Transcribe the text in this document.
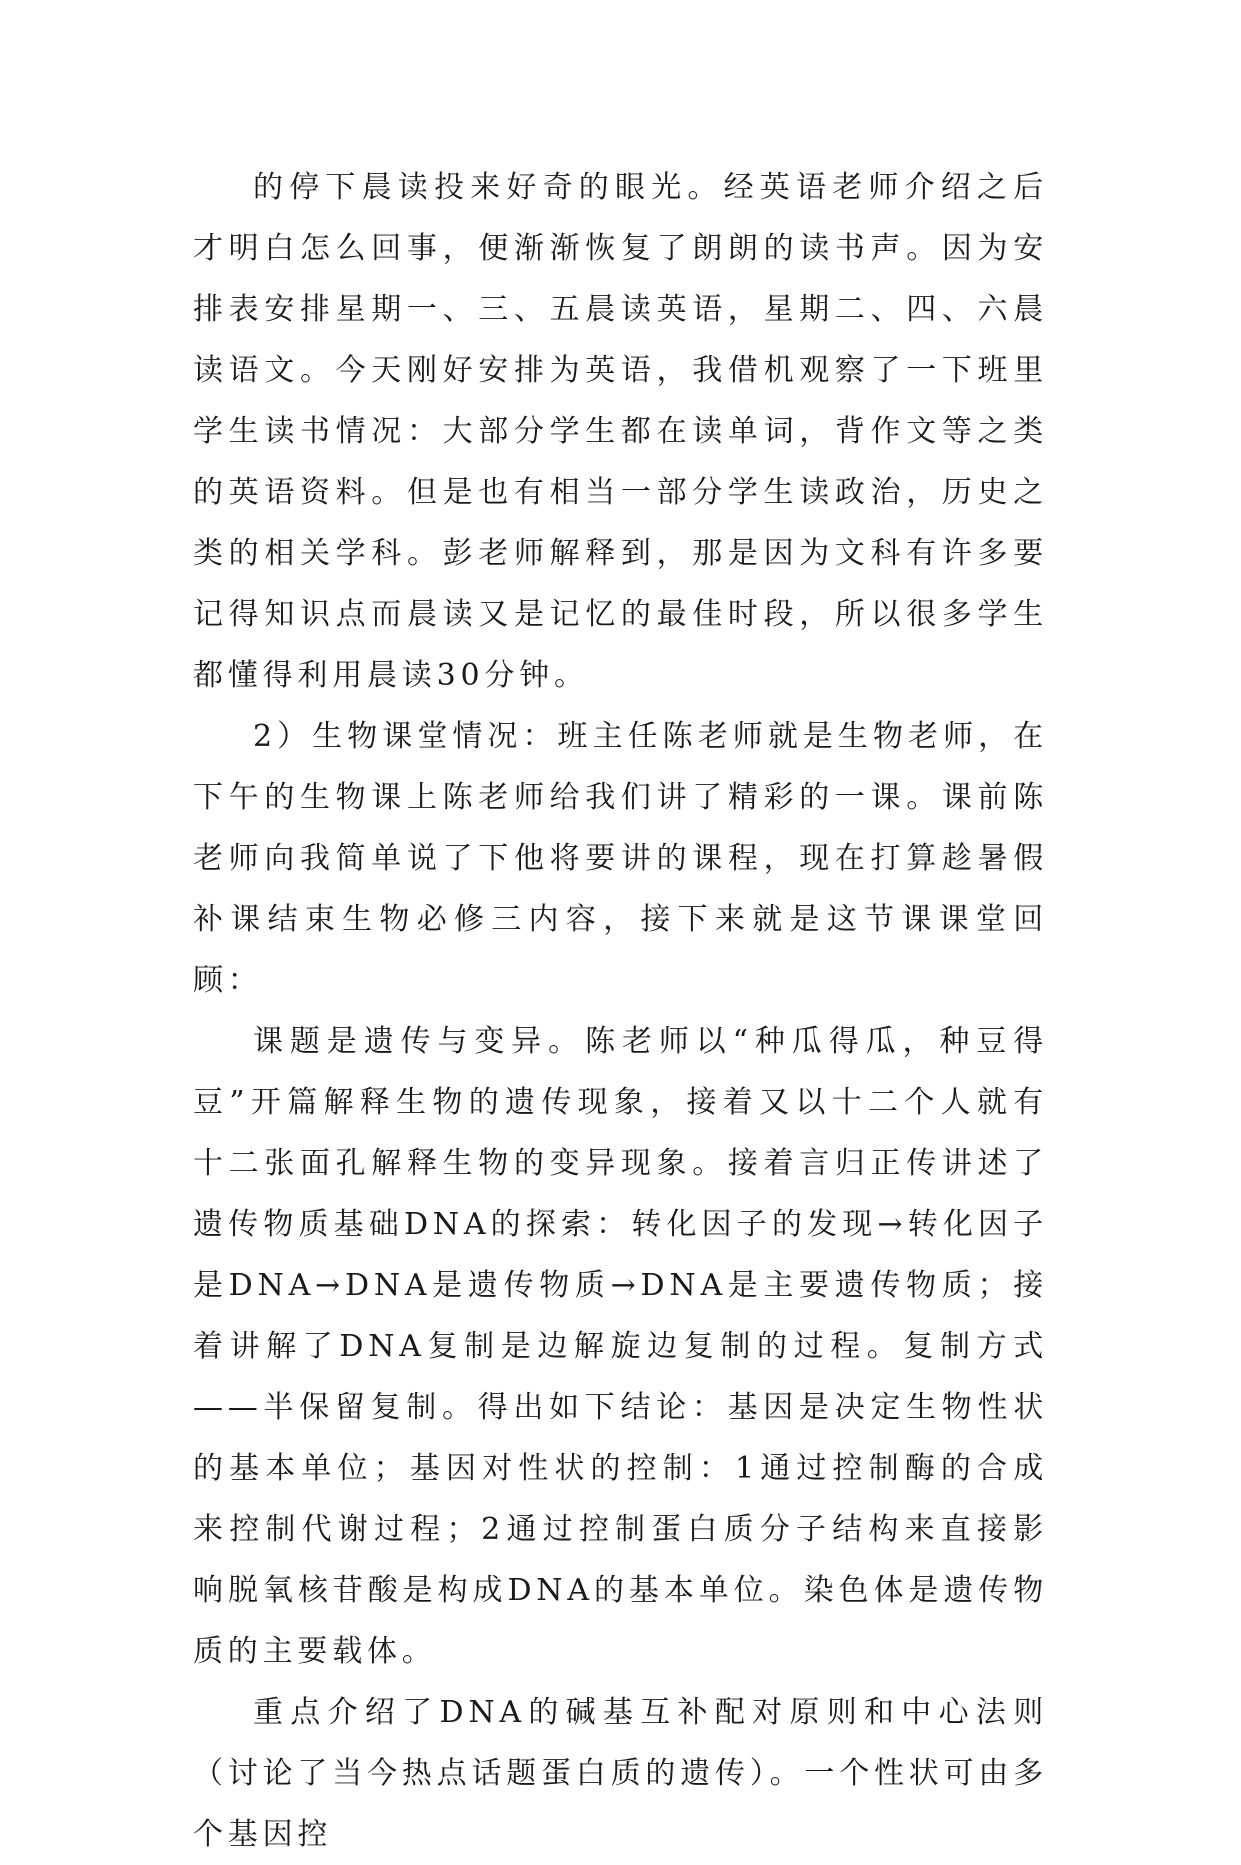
的停下晨读投来好奇的眼光。经英语老师介绍之后才明白怎么回事，便渐渐恢复了朗朗的读书声。因为安排表安排星期一、三、五晨读英语，星期二、四、六晨读语文。今天刚好安排为英语，我借机观察了一下班里学生读书情况：大部分学生都在读单词，背作文等之类的英语资料。但是也有相当一部分学生读政治，历史之类的相关学科。彭老师解释到，那是因为文科有许多要记得知识点而晨读又是记忆的最佳时段，所以很多学生都懂得利用晨读30分钟。

2）生物课堂情况：班主任陈老师就是生物老师，在下午的生物课上陈老师给我们讲了精彩的一课。课前陈老师向我简单说了下他将要讲的课程，现在打算趁暑假补课结束生物必修三内容，接下来就是这节课课堂回顾：

课题是遗传与变异。陈老师以“种瓜得瓜，种豆得豆”开篇解释生物的遗传现象，接着又以十二个人就有十二张面孔解释生物的变异现象。接着言归正传讲述了遗传物质基础DNA的探索：转化因子的发现→转化因子是DNA→DNA是遗传物质→DNA是主要遗传物质；接着讲解了DNA复制是边解旋边复制的过程。复制方式——半保留复制。得出如下结论：基因是决定生物性状的基本单位；基因对性状的控制：1通过控制酶的合成来控制代谢过程；2通过控制蛋白质分子结构来直接影响脱氧核苷酸是构成DNA的基本单位。染色体是遗传物质的主要载体。

重点介绍了DNA的碱基互补配对原则和中心法则（讨论了当今热点话题蛋白质的遗传）。一个性状可由多个基因控
